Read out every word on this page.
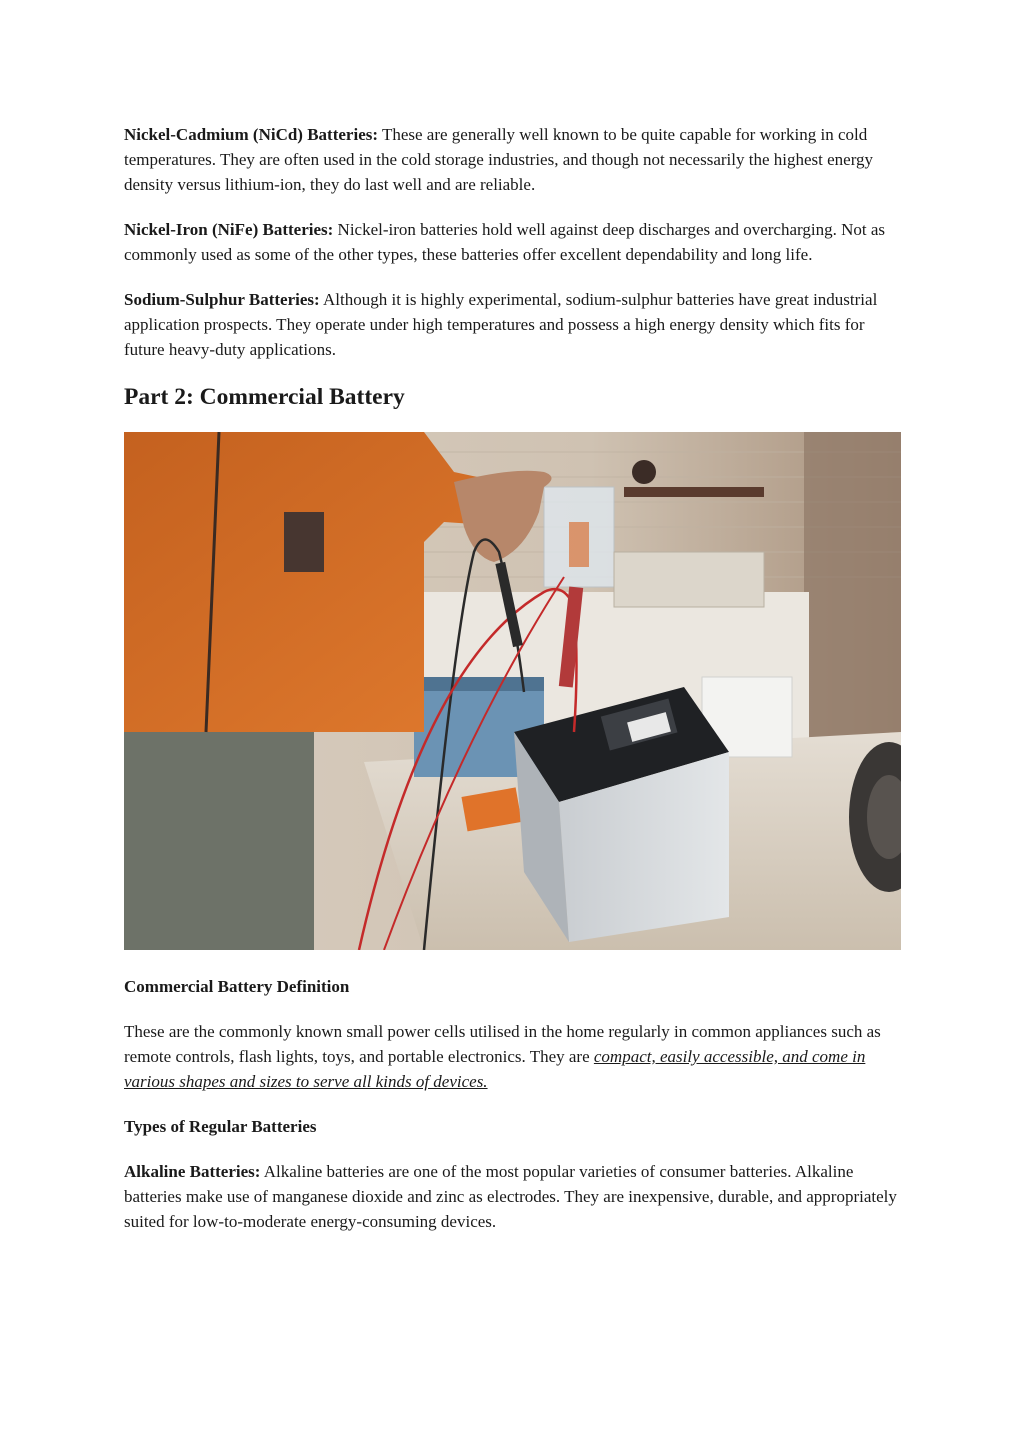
Nickel-Cadmium (NiCd) Batteries: These are generally well known to be quite capable for working in cold temperatures. They are often used in the cold storage industries, and though not necessarily the highest energy density versus lithium-ion, they do last well and are reliable.

Nickel-Iron (NiFe) Batteries: Nickel-iron batteries hold well against deep discharges and overcharging. Not as commonly used as some of the other types, these batteries offer excellent dependability and long life.

Sodium-Sulphur Batteries: Although it is highly experimental, sodium-sulphur batteries have great industrial application prospects. They operate under high temperatures and possess a high energy density which fits for future heavy-duty applications.

Part 2: Commercial Battery
Commercial Battery Definition

These are the commonly known small power cells utilised in the home regularly in common appliances such as remote controls, flash lights, toys, and portable electronics. They are compact, easily accessible, and come in various shapes and sizes to serve all kinds of devices.

Types of Regular Batteries

Alkaline Batteries: Alkaline batteries are one of the most popular varieties of consumer batteries. Alkaline batteries make use of manganese dioxide and zinc as electrodes. They are inexpensive, durable, and appropriately suited for low-to-moderate energy-consuming devices.
